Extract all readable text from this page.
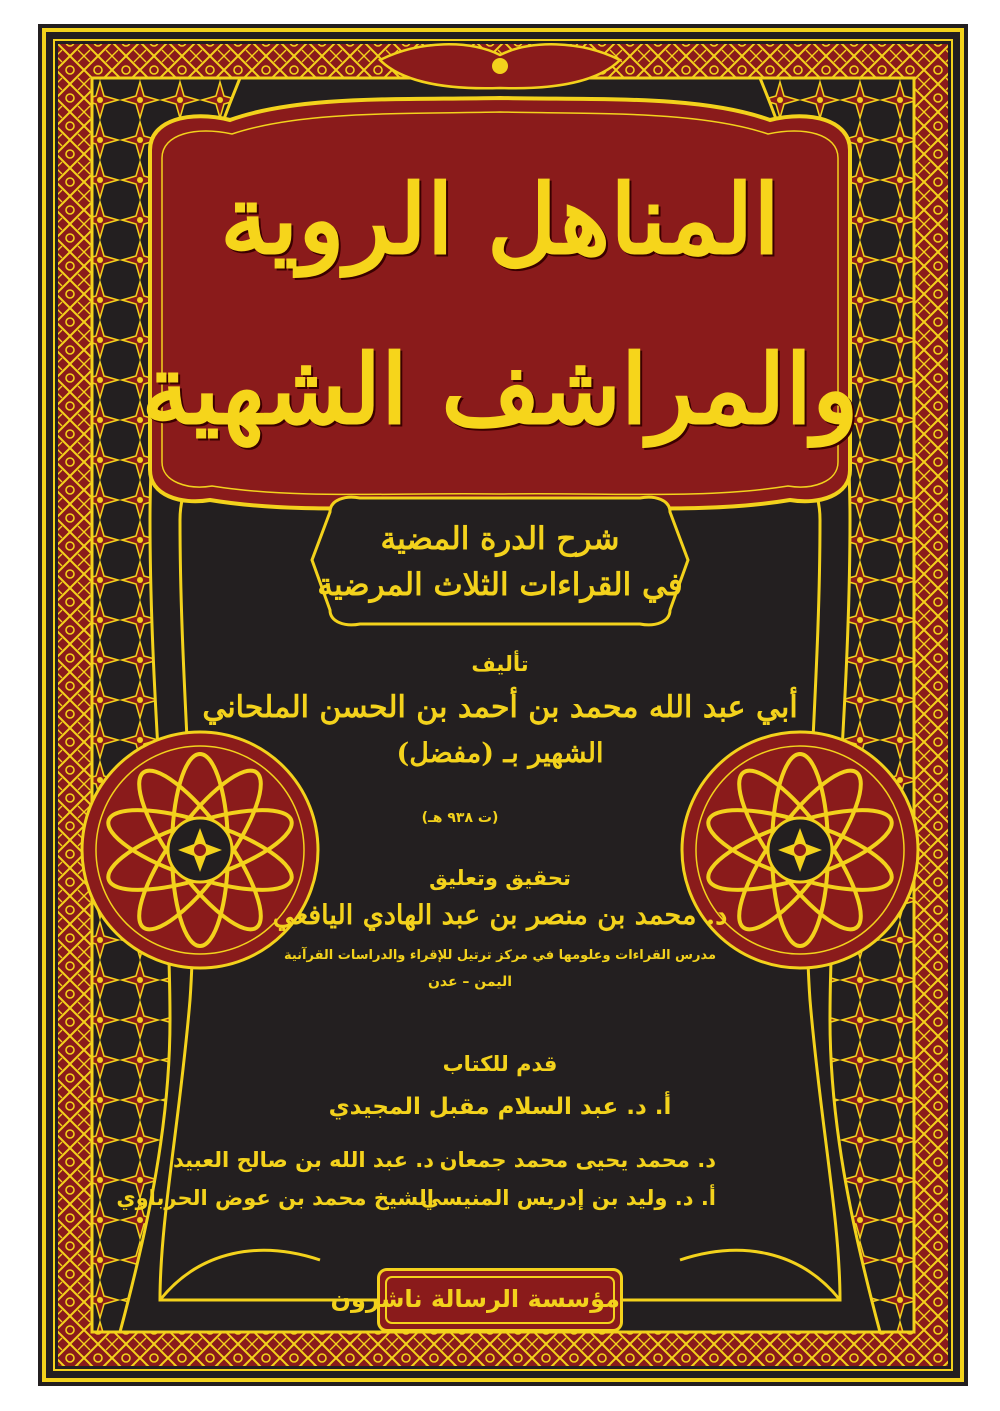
المناهل الروية
والمراشف الشهية
شرح الدرة المضية
في القراءات الثلاث المرضية
تأليف
أبي عبد الله محمد بن أحمد بن الحسن الملحاني
الشهير بـ (مفضل)
(ت ٩٣٨ هـ)
تحقيق وتعليق
د. محمد بن منصر بن عبد الهادي اليافعي
مدرس القراءات وعلومها في مركز ترتيل للإقراء والدراسات القرآنية
اليمن – عدن
قدم للكتاب
أ. د. عبد السلام مقبل المجيدي
د. محمد يحيى محمد جمعان
د. عبد الله بن صالح العبيد
أ. د. وليد بن إدريس المنيسي
الشيخ محمد بن عوض الحرباوي
مؤسسة الرسالة ناشرون
